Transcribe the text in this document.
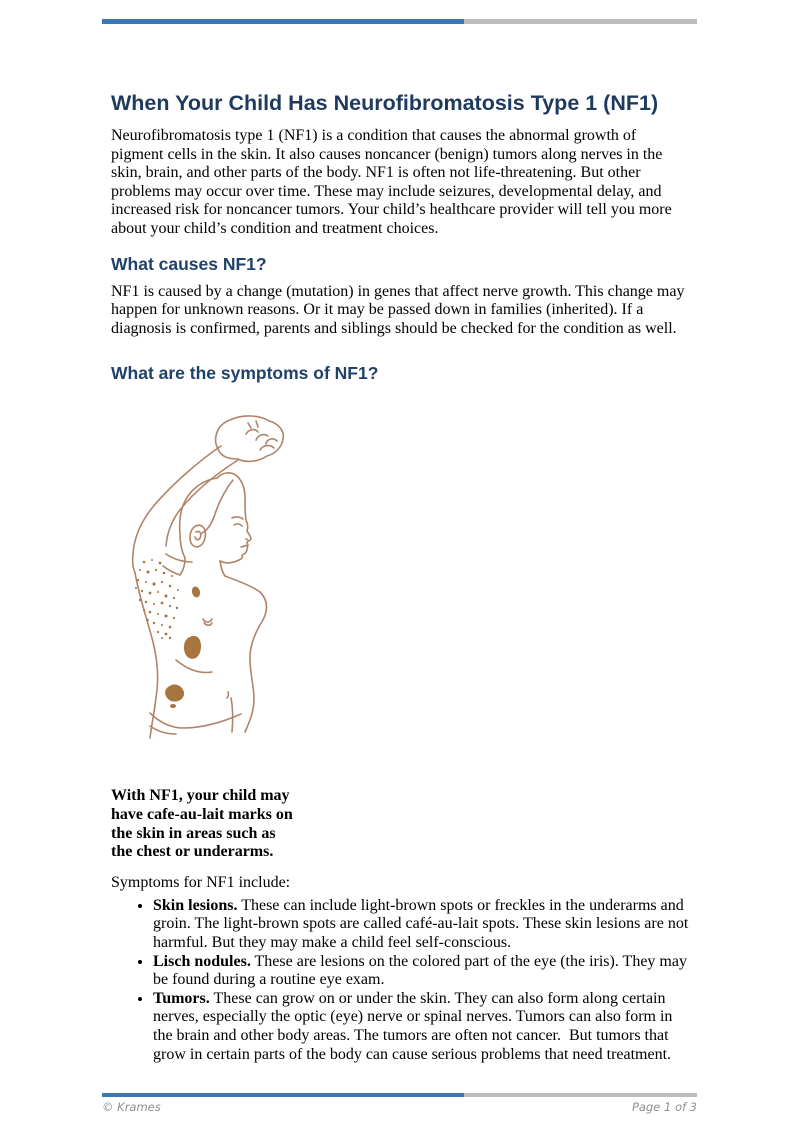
When Your Child Has Neurofibromatosis Type 1 (NF1)

Neurofibromatosis type 1 (NF1) is a condition that causes the abnormal growth of pigment cells in the skin. It also causes noncancer (benign) tumors along nerves in the skin, brain, and other parts of the body. NF1 is often not life-threatening. But other problems may occur over time. These may include seizures, developmental delay, and increased risk for noncancer tumors. Your child’s healthcare provider will tell you more about your child’s condition and treatment choices.

What causes NF1?

NF1 is caused by a change (mutation) in genes that affect nerve growth. This change may happen for unknown reasons. Or it may be passed down in families (inherited). If a diagnosis is confirmed, parents and siblings should be checked for the condition as well.

What are the symptoms of NF1?

With NF1, your child may
have cafe-au-lait marks on
the skin in areas such as
the chest or underarms.

Symptoms for NF1 include:

• Skin lesions. These can include light-brown spots or freckles in the underarms and groin. The light-brown spots are called café-au-lait spots. These skin lesions are not harmful. But they may make a child feel self-conscious.
• Lisch nodules. These are lesions on the colored part of the eye (the iris). They may be found during a routine eye exam.
• Tumors. These can grow on or under the skin. They can also form along certain nerves, especially the optic (eye) nerve or spinal nerves. Tumors can also form in the brain and other body areas. The tumors are often not cancer.  But tumors that grow in certain parts of the body can cause serious problems that need treatment.
© Krames	Page 1 of 3
